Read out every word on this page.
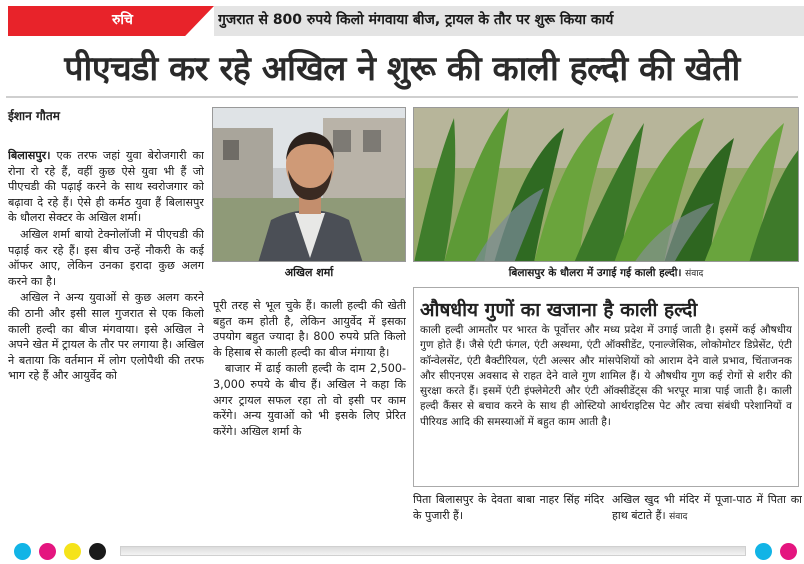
रुचि	गुजरात से 800 रुपये किलो मंगवाया बीज, ट्रायल के तौर पर शुरू किया कार्य
पीएचडी कर रहे अखिल ने शुरू की काली हल्दी की खेती
ईशान गौतम

बिलासपुर। एक तरफ जहां युवा बेरोजगारी का रोना रो रहे हैं, वहीं कुछ ऐसे युवा भी हैं जो पीएचडी की पढ़ाई करने के साथ स्वरोजगार को बढ़ावा दे रहे हैं। ऐसे ही कर्मठ युवा हैं बिलासपुर के धौलरा सेक्टर के अखिल शर्मा।

अखिल शर्मा बायो टेक्नोलॉजी में पीएचडी की पढ़ाई कर रहे हैं। इस बीच उन्हें नौकरी के कई ऑफर आए, लेकिन उनका इरादा कुछ अलग करने का है।

अखिल ने अन्य युवाओं से कुछ अलग करने की ठानी और इसी साल गुजरात से एक किलो काली हल्दी का बीज मंगवाया। इसे अखिल ने अपने खेत में ट्रायल के तौर पर लगाया है। अखिल ने बताया कि वर्तमान में लोग एलोपैथी की तरफ भाग रहे हैं और आयुर्वेद को

अखिल शर्मा	बिलासपुर के धौलरा में उगाई गई काली हल्दी। संवाद

पूरी तरह से भूल चुके हैं। काली हल्दी की खेती बहुत कम होती है, लेकिन आयुर्वेद में इसका उपयोग बहुत ज्यादा है। 800 रुपये प्रति किलो के हिसाब से काली हल्दी का बीज मंगाया है।

बाजार में ढाई काली हल्दी के दाम 2,500-3,000 रुपये के बीच हैं। अखिल ने कहा कि अगर ट्रायल सफल रहा तो वो इसी पर काम करेंगे। अन्य युवाओं को भी इसके लिए प्रेरित करेंगे। अखिल शर्मा के

औषधीय गुणों का खजाना है काली हल्दी
काली हल्दी आमतौर पर भारत के पूर्वोत्तर और मध्य प्रदेश में उगाई जाती है। इसमें कई औषधीय गुण होते हैं। जैसे एंटी फंगल, एंटी अस्थमा, एंटी ऑक्सीडेंट, एनाल्जेसिक, लोकोमोटर डिप्रेसेंट, एंटी कॉन्वेलसेंट, एंटी बैक्टीरियल, एंटी अल्सर और मांसपेशियों को आराम देने वाले प्रभाव, चिंताजनक और सीएनएस अवसाद से राहत देने वाले गुण शामिल हैं। ये औषधीय गुण कई रोगों से शरीर की सुरक्षा करते हैं। इसमें एंटी इंफ्लेमेटरी और एंटी ऑक्सीडेंट्स की भरपूर मात्रा पाई जाती है। काली हल्दी कैंसर से बचाव करने के साथ ही ओस्टियो आर्थराइटिस पेट और त्वचा संबंधी परेशानियों व पीरियड आदि की समस्याओं में बहुत काम आती है।
पिता बिलासपुर के देवता बाबा नाहर सिंह मंदिर के पुजारी हैं।
अखिल खुद भी मंदिर में पूजा-पाठ में पिता का हाथ बंटाते हैं। संवाद
